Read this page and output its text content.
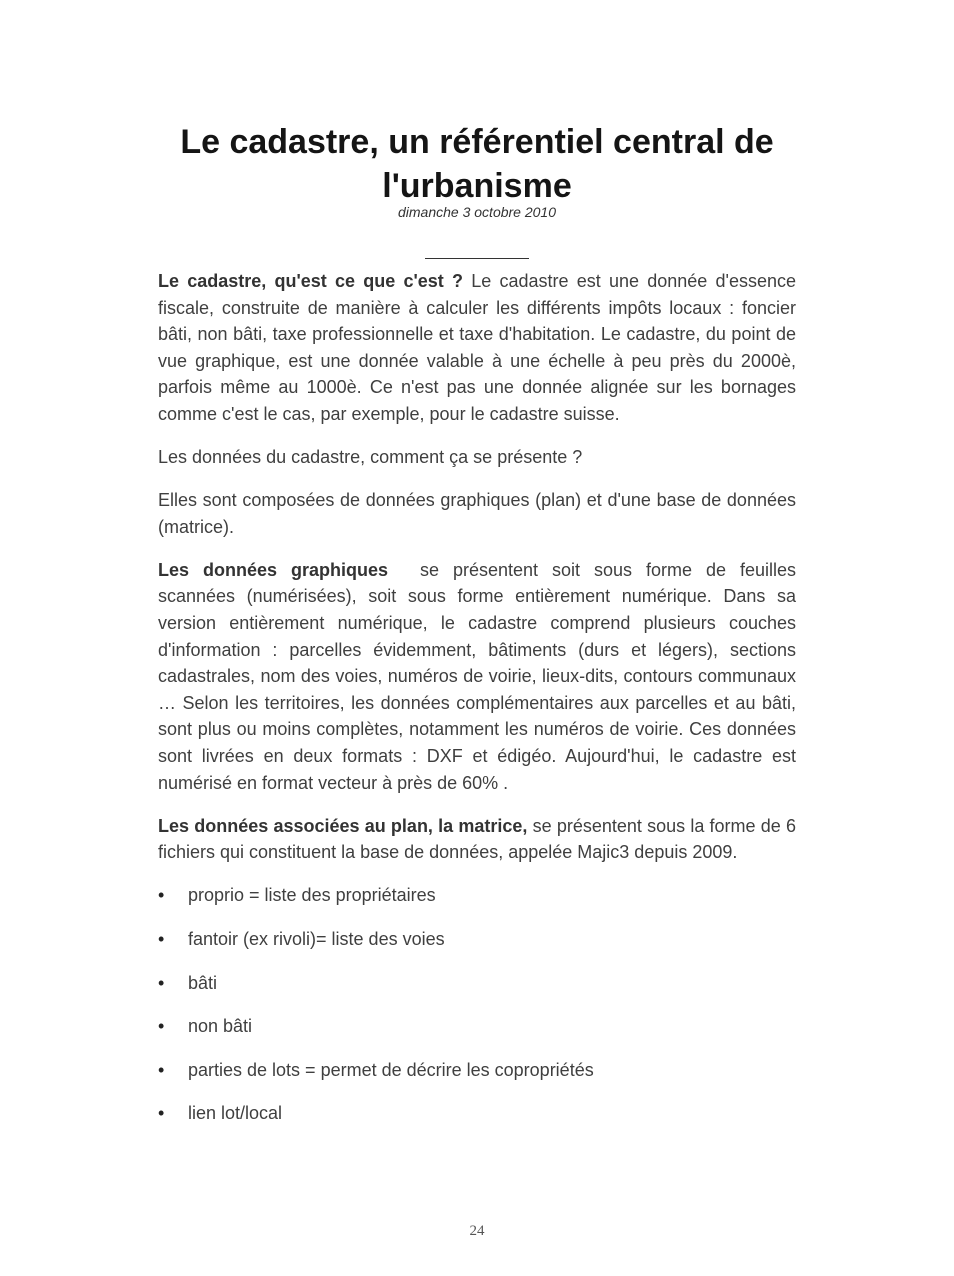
Le cadastre, un référentiel central de l'urbanisme
dimanche 3 octobre 2010

Le cadastre, qu'est ce que c'est ? Le cadastre est une donnée d'essence fiscale, construite de manière à calculer les différents impôts locaux : foncier bâti, non bâti, taxe professionnelle et taxe d'habitation. Le cadastre, du point de vue graphique, est une donnée valable à une échelle à peu près du 2000è, parfois même au 1000è. Ce n'est pas une donnée alignée sur les bornages comme c'est le cas, par exemple, pour le cadastre suisse.

Les données du cadastre, comment ça se présente ?

Elles sont composées de données graphiques (plan) et d'une base de données (matrice).

Les données graphiques se présentent soit sous forme de feuilles scannées (numérisées), soit sous forme entièrement numérique. Dans sa version entièrement numérique, le cadastre comprend plusieurs couches d'information : parcelles évidemment, bâtiments (durs et légers), sections cadastrales, nom des voies, numéros de voirie, lieux-dits, contours communaux … Selon les territoires, les données complémentaires aux parcelles et au bâti, sont plus ou moins complètes, notamment les numéros de voirie. Ces données sont livrées en deux formats : DXF et édigéo. Aujourd'hui, le cadastre est numérisé en format vecteur à près de 60% .

Les données associées au plan, la matrice, se présentent sous la forme de 6 fichiers qui constituent la base de données, appelée Majic3 depuis 2009.

• proprio = liste des propriétaires
• fantoir (ex rivoli)= liste des voies
• bâti
• non bâti
• parties de lots = permet de décrire les copropriétés
• lien lot/local
24
